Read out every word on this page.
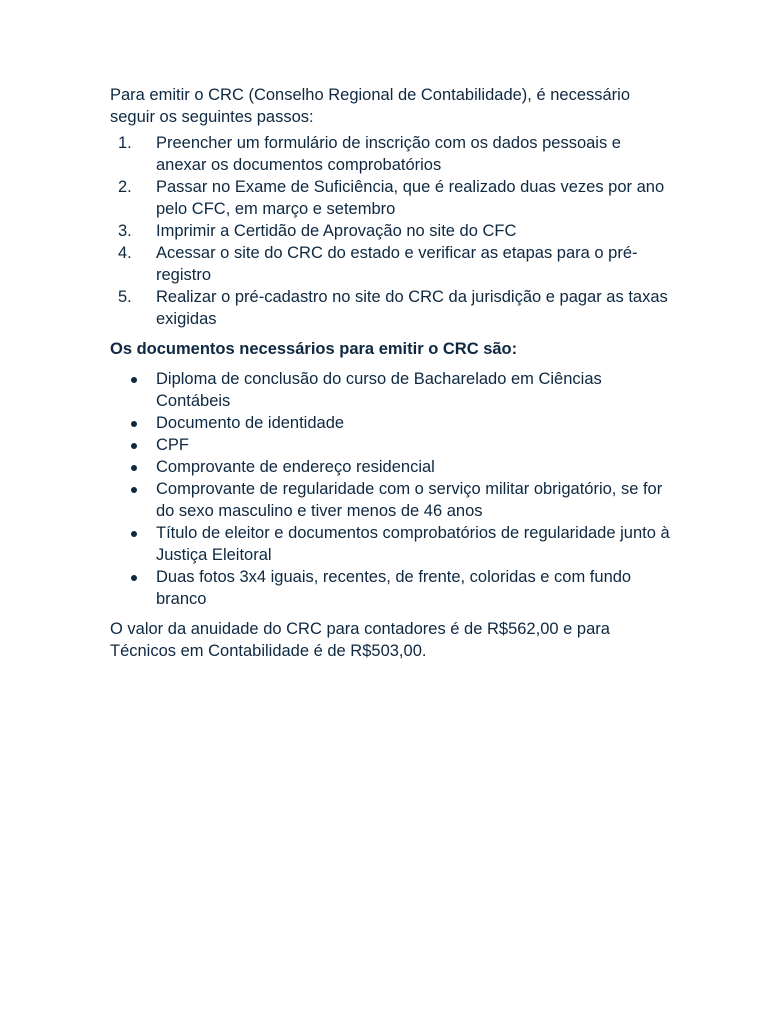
Para emitir o CRC (Conselho Regional de Contabilidade), é necessário seguir os seguintes passos:

1. Preencher um formulário de inscrição com os dados pessoais e anexar os documentos comprobatórios
2. Passar no Exame de Suficiência, que é realizado duas vezes por ano pelo CFC, em março e setembro
3. Imprimir a Certidão de Aprovação no site do CFC
4. Acessar o site do CRC do estado e verificar as etapas para o pré-registro
5. Realizar o pré-cadastro no site do CRC da jurisdição e pagar as taxas exigidas

Os documentos necessários para emitir o CRC são:

Diploma de conclusão do curso de Bacharelado em Ciências Contábeis
Documento de identidade
CPF
Comprovante de endereço residencial
Comprovante de regularidade com o serviço militar obrigatório, se for do sexo masculino e tiver menos de 46 anos
Título de eleitor e documentos comprobatórios de regularidade junto à Justiça Eleitoral
Duas fotos 3x4 iguais, recentes, de frente, coloridas e com fundo branco

O valor da anuidade do CRC para contadores é de R$562,00 e para Técnicos em Contabilidade é de R$503,00.
